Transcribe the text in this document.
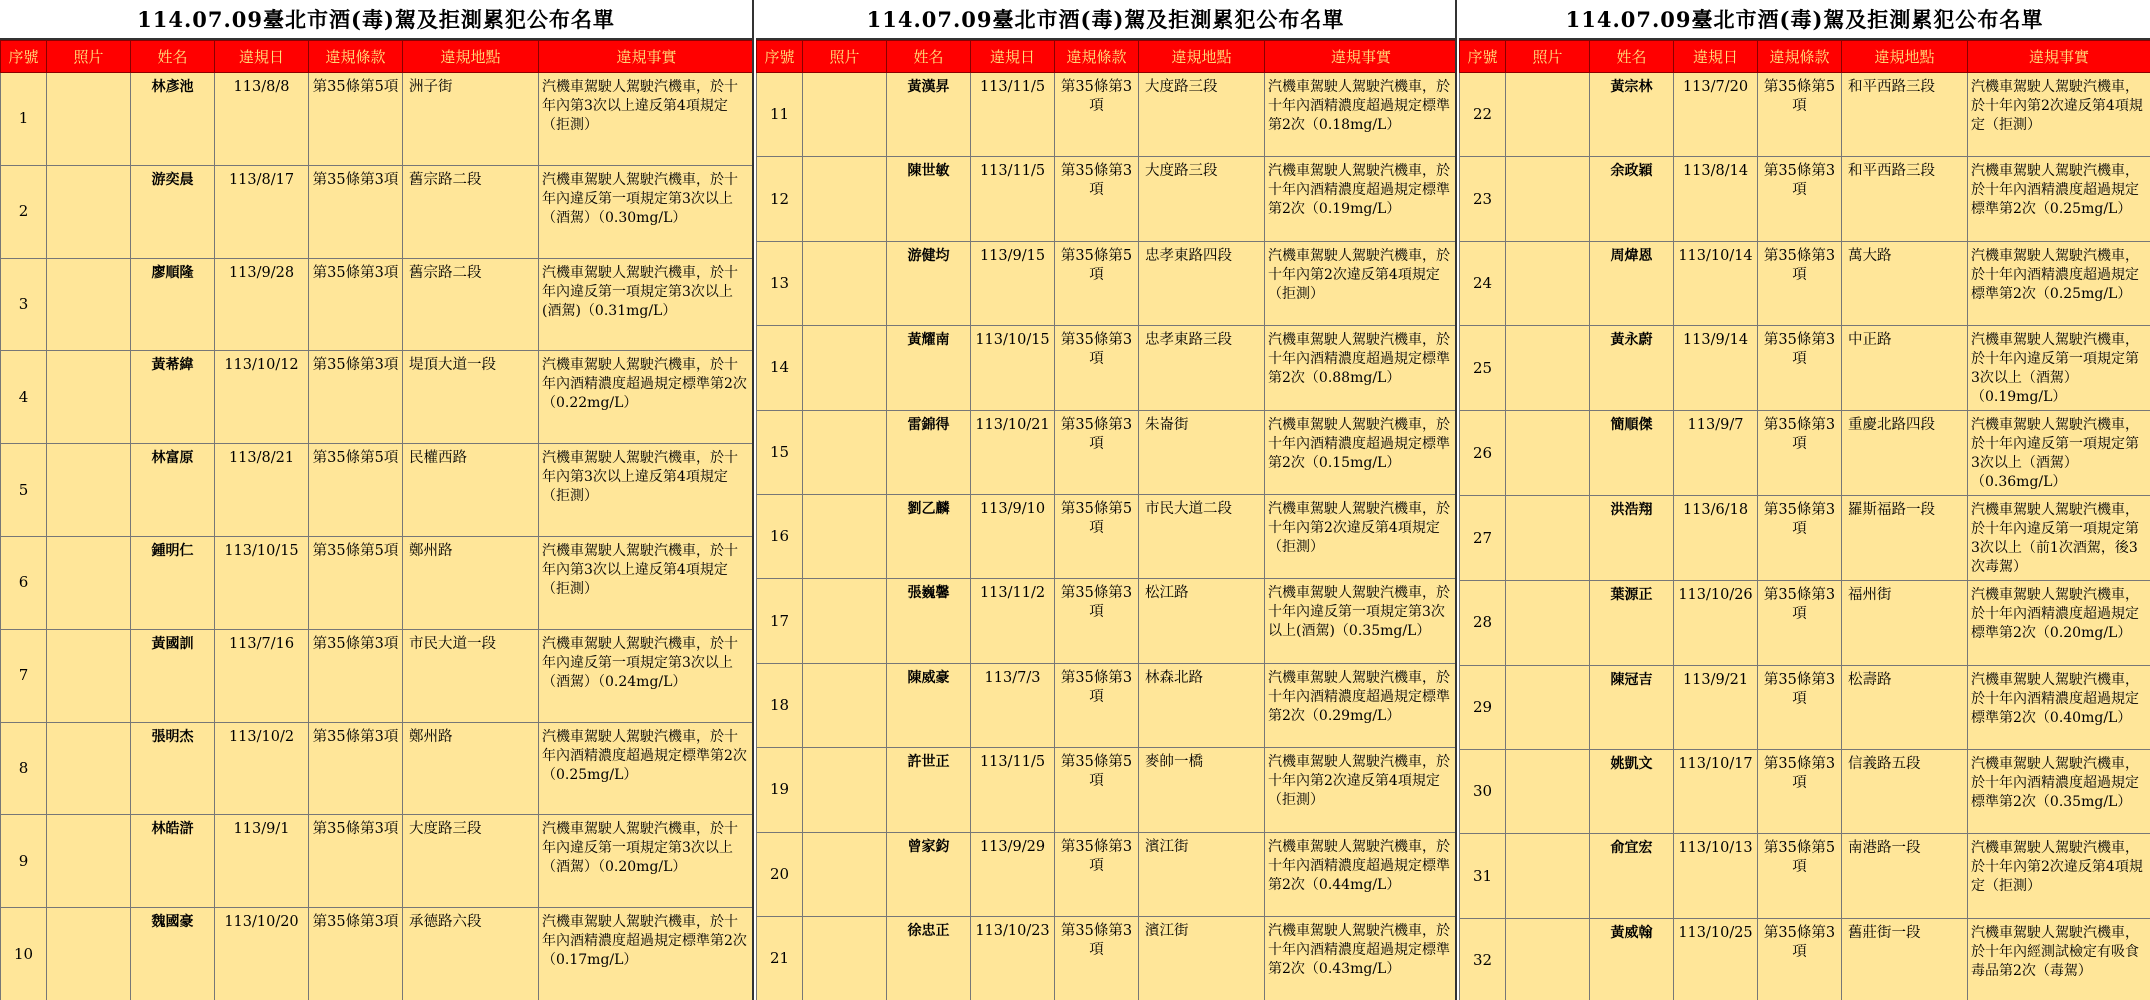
114.07.09臺北市酒(毒)駕及拒測累犯公布名單
序號	照片	姓名	違規日	違規條款	違規地點	違規事實
1		林彥池	113/8/8	第35條第5項	洲子街	汽機車駕駛人駕駛汽機車，於十年內第3次以上違反第4項規定（拒測）
2		游奕晨	113/8/17	第35條第3項	舊宗路二段	汽機車駕駛人駕駛汽機車，於十年內違反第一項規定第3次以上（酒駕）（0.30mg/L）
3		廖順隆	113/9/28	第35條第3項	舊宗路二段	汽機車駕駛人駕駛汽機車，於十年內違反第一項規定第3次以上(酒駕)（0.31mg/L）
4		黃莃緯	113/10/12	第35條第3項	堤頂大道一段	汽機車駕駛人駕駛汽機車，於十年內酒精濃度超過規定標準第2次（0.22mg/L）
5		林富原	113/8/21	第35條第5項	民權西路	汽機車駕駛人駕駛汽機車，於十年內第3次以上違反第4項規定（拒測）
6		鍾明仁	113/10/15	第35條第5項	鄭州路	汽機車駕駛人駕駛汽機車，於十年內第3次以上違反第4項規定（拒測）
7		黃國訓	113/7/16	第35條第3項	市民大道一段	汽機車駕駛人駕駛汽機車，於十年內違反第一項規定第3次以上（酒駕）（0.24mg/L）
8		張明杰	113/10/2	第35條第3項	鄭州路	汽機車駕駛人駕駛汽機車，於十年內酒精濃度超過規定標準第2次（0.25mg/L）
9		林皓滸	113/9/1	第35條第3項	大度路三段	汽機車駕駛人駕駛汽機車，於十年內違反第一項規定第3次以上（酒駕）（0.20mg/L）
10		魏國豪	113/10/20	第35條第3項	承德路六段	汽機車駕駛人駕駛汽機車，於十年內酒精濃度超過規定標準第2次（0.17mg/L）
114.07.09臺北市酒(毒)駕及拒測累犯公布名單
序號	照片	姓名	違規日	違規條款	違規地點	違規事實
11		黃漢昇	113/11/5	第35條第3項	大度路三段	汽機車駕駛人駕駛汽機車，於十年內酒精濃度超過規定標準第2次（0.18mg/L）
12		陳世敏	113/11/5	第35條第3項	大度路三段	汽機車駕駛人駕駛汽機車，於十年內酒精濃度超過規定標準第2次（0.19mg/L）
13		游健均	113/9/15	第35條第5項	忠孝東路四段	汽機車駕駛人駕駛汽機車，於十年內第2次違反第4項規定（拒測）
14		黃耀南	113/10/15	第35條第3項	忠孝東路三段	汽機車駕駛人駕駛汽機車，於十年內酒精濃度超過規定標準第2次（0.88mg/L）
15		雷錦得	113/10/21	第35條第3項	朱崙街	汽機車駕駛人駕駛汽機車，於十年內酒精濃度超過規定標準第2次（0.15mg/L）
16		劉乙麟	113/9/10	第35條第5項	市民大道二段	汽機車駕駛人駕駛汽機車，於十年內第2次違反第4項規定（拒測）
17		張巍馨	113/11/2	第35條第3項	松江路	汽機車駕駛人駕駛汽機車，於十年內違反第一項規定第3次以上(酒駕)（0.35mg/L）
18		陳威豪	113/7/3	第35條第3項	林森北路	汽機車駕駛人駕駛汽機車，於十年內酒精濃度超過規定標準第2次（0.29mg/L）
19		許世正	113/11/5	第35條第5項	麥帥一橋	汽機車駕駛人駕駛汽機車，於十年內第2次違反第4項規定（拒測）
20		曾家鈞	113/9/29	第35條第3項	濱江街	汽機車駕駛人駕駛汽機車，於十年內酒精濃度超過規定標準第2次（0.44mg/L）
21		徐忠正	113/10/23	第35條第3項	濱江街	汽機車駕駛人駕駛汽機車，於十年內酒精濃度超過規定標準第2次（0.43mg/L）
114.07.09臺北市酒(毒)駕及拒測累犯公布名單
序號	照片	姓名	違規日	違規條款	違規地點	違規事實
22		黃宗林	113/7/20	第35條第5項	和平西路三段	汽機車駕駛人駕駛汽機車，於十年內第2次違反第4項規定（拒測）
23		余政穎	113/8/14	第35條第3項	和平西路三段	汽機車駕駛人駕駛汽機車，於十年內酒精濃度超過規定標準第2次（0.25mg/L）
24		周煒恩	113/10/14	第35條第3項	萬大路	汽機車駕駛人駕駛汽機車，於十年內酒精濃度超過規定標準第2次（0.25mg/L）
25		黃永蔚	113/9/14	第35條第3項	中正路	汽機車駕駛人駕駛汽機車，於十年內違反第一項規定第3次以上（酒駕）（0.19mg/L）
26		簡順傑	113/9/7	第35條第3項	重慶北路四段	汽機車駕駛人駕駛汽機車，於十年內違反第一項規定第3次以上（酒駕）（0.36mg/L）
27		洪浩翔	113/6/18	第35條第3項	羅斯福路一段	汽機車駕駛人駕駛汽機車，於十年內違反第一項規定第3次以上（前1次酒駕，後3次毒駕）
28		葉源正	113/10/26	第35條第3項	福州街	汽機車駕駛人駕駛汽機車，於十年內酒精濃度超過規定標準第2次（0.20mg/L）
29		陳冠吉	113/9/21	第35條第3項	松壽路	汽機車駕駛人駕駛汽機車，於十年內酒精濃度超過規定標準第2次（0.40mg/L）
30		姚凱文	113/10/17	第35條第3項	信義路五段	汽機車駕駛人駕駛汽機車，於十年內酒精濃度超過規定標準第2次（0.35mg/L）
31		俞宜宏	113/10/13	第35條第5項	南港路一段	汽機車駕駛人駕駛汽機車，於十年內第2次違反第4項規定（拒測）
32		黃威翰	113/10/25	第35條第3項	舊莊街一段	汽機車駕駛人駕駛汽機車，於十年內經測試檢定有吸食毒品第2次（毒駕）
